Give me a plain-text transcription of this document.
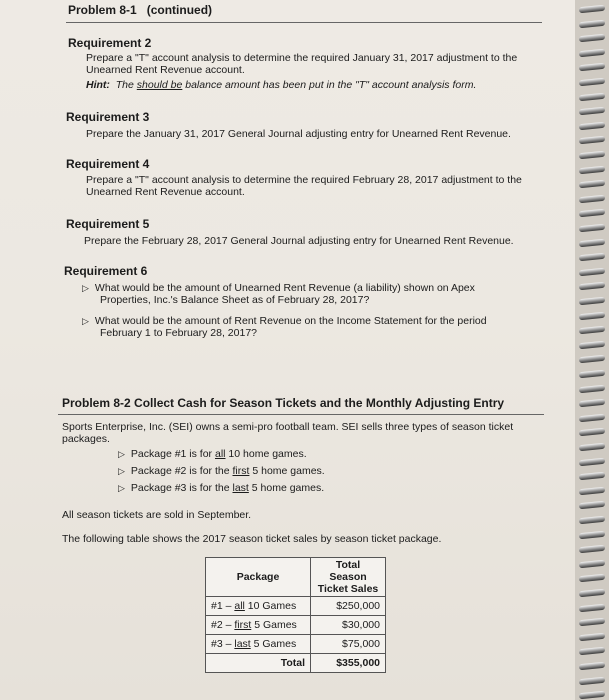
Problem 8-1 (continued)
Requirement 2
Prepare a "T" account analysis to determine the required January 31, 2017 adjustment to the
Unearned Rent Revenue account.
Hint: The should be balance amount has been put in the "T" account analysis form.
Requirement 3
Prepare the January 31, 2017 General Journal adjusting entry for Unearned Rent Revenue.
Requirement 4
Prepare a "T" account analysis to determine the required February 28, 2017 adjustment to the
Unearned Rent Revenue account.
Requirement 5
Prepare the February 28, 2017 General Journal adjusting entry for Unearned Rent Revenue.
Requirement 6
▷ What would be the amount of Unearned Rent Revenue (a liability) shown on Apex
Properties, Inc.'s Balance Sheet as of February 28, 2017?
▷ What would be the amount of Rent Revenue on the Income Statement for the period
February 1 to February 28, 2017?
Problem 8-2 Collect Cash for Season Tickets and the Monthly Adjusting Entry
Sports Enterprise, Inc. (SEI) owns a semi-pro football team. SEI sells three types of season ticket
packages.
▷ Package #1 is for all 10 home games.
▷ Package #2 is for the first 5 home games.
▷ Package #3 is for the last 5 home games.
All season tickets are sold in September.
The following table shows the 2017 season ticket sales by season ticket package.
Package	Total Season
Ticket Sales
#1 – all 10 Games	$250,000
#2 – first 5 Games	$30,000
#3 – last 5 Games	$75,000
Total	$355,000
